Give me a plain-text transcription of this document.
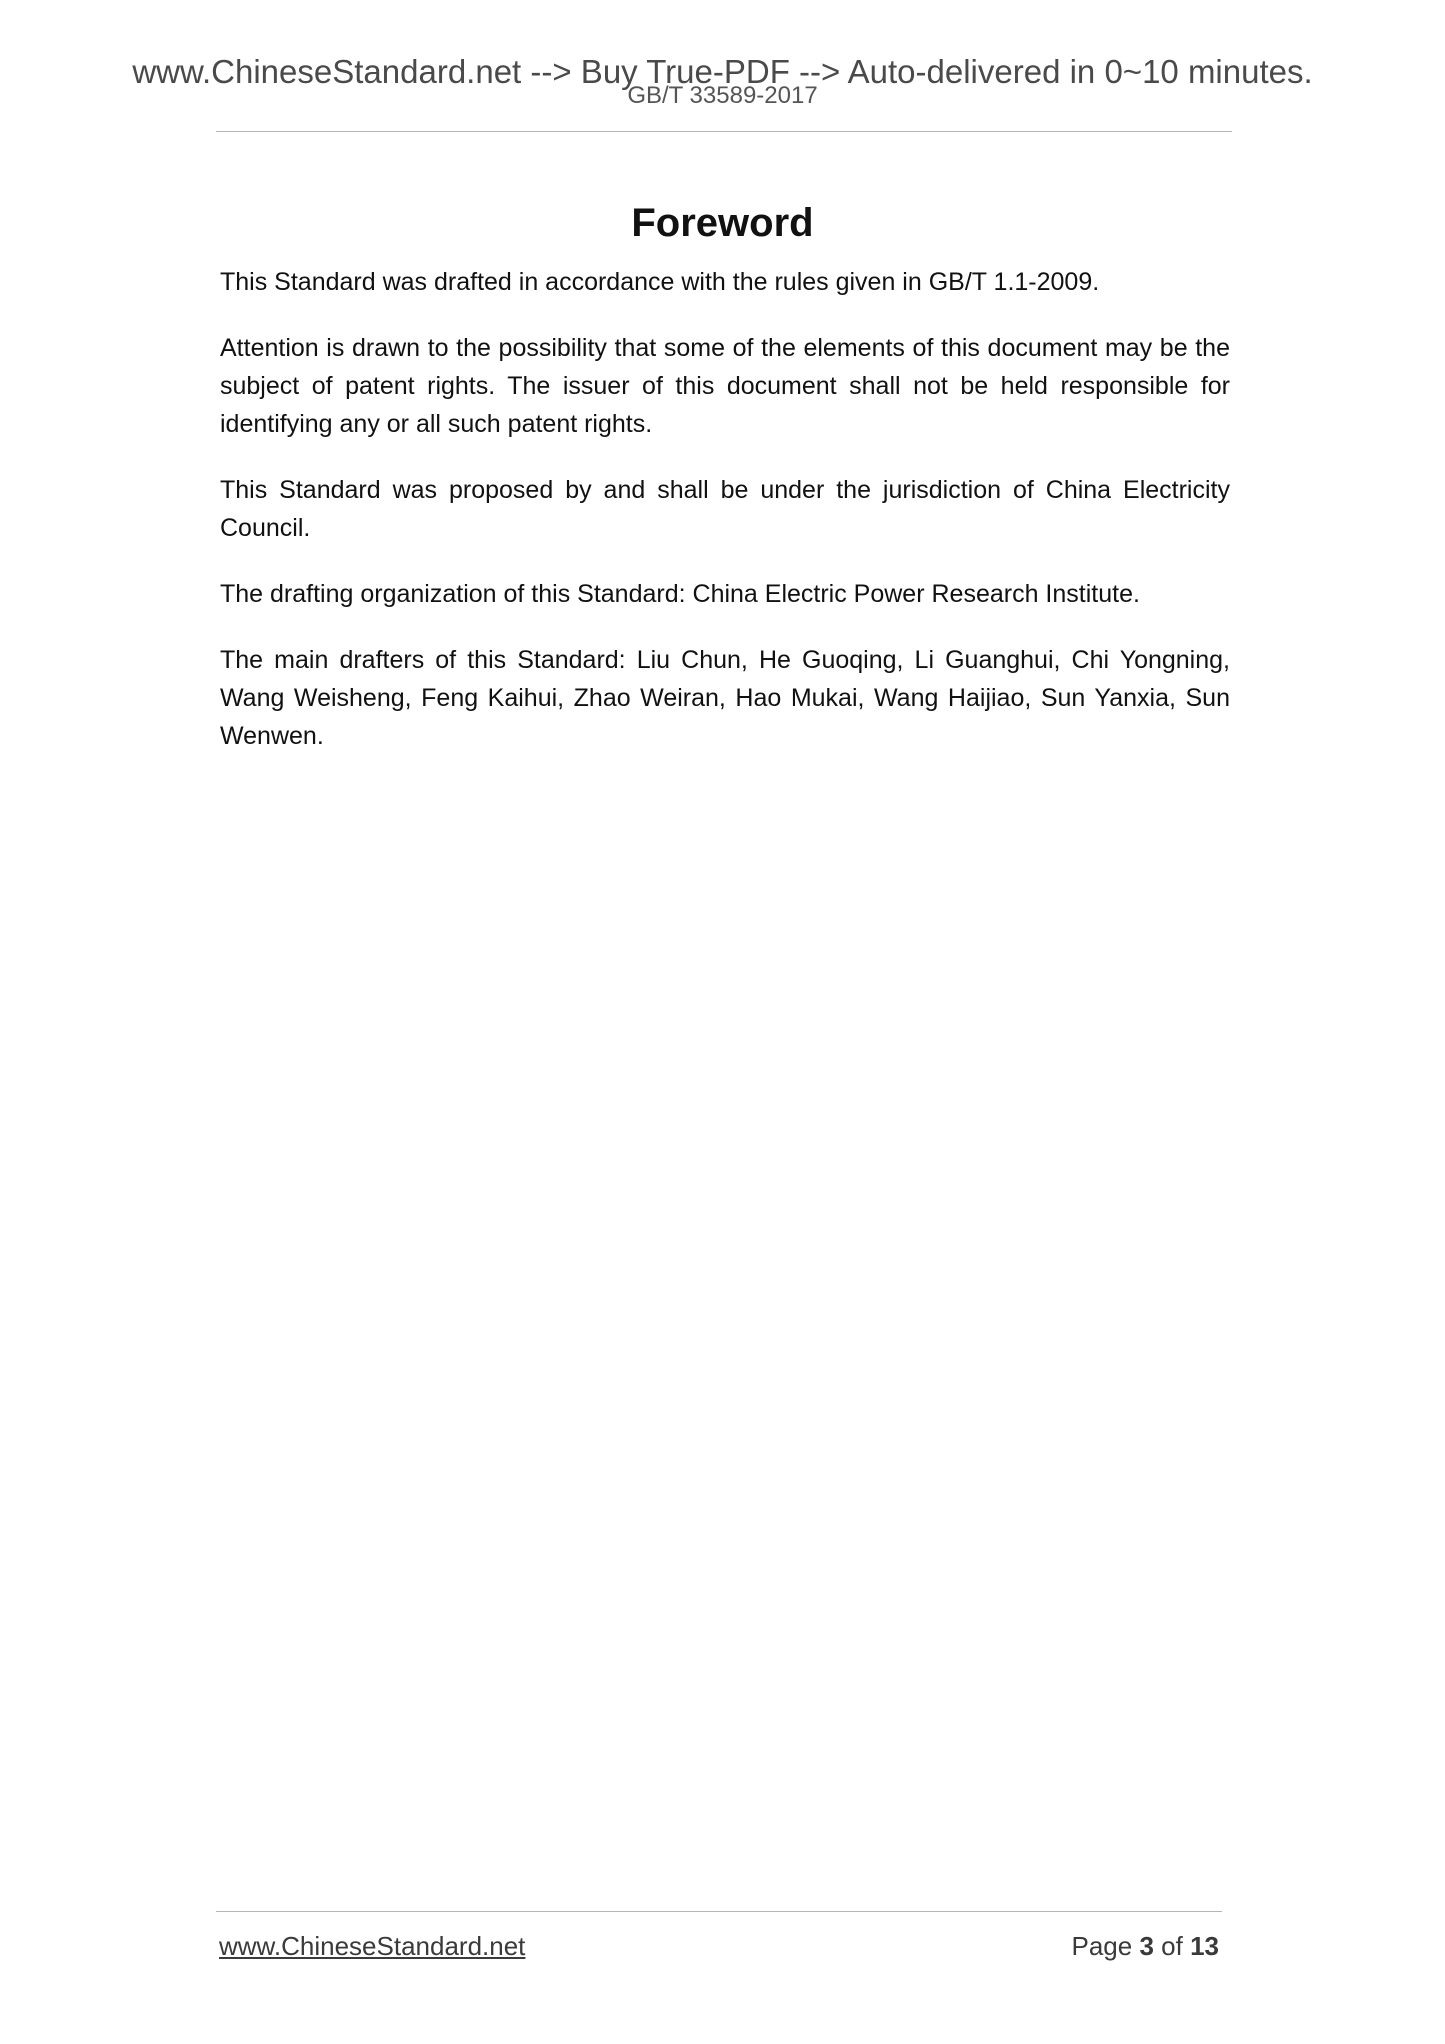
www.ChineseStandard.net --> Buy True-PDF --> Auto-delivered in 0~10 minutes.
GB/T 33589-2017
Foreword

This Standard was drafted in accordance with the rules given in GB/T 1.1-2009.

Attention is drawn to the possibility that some of the elements of this document may be the subject of patent rights. The issuer of this document shall not be held responsible for identifying any or all such patent rights.

This Standard was proposed by and shall be under the jurisdiction of China Electricity Council.

The drafting organization of this Standard: China Electric Power Research Institute.

The main drafters of this Standard: Liu Chun, He Guoqing, Li Guanghui, Chi Yongning, Wang Weisheng, Feng Kaihui, Zhao Weiran, Hao Mukai, Wang Haijiao, Sun Yanxia, Sun Wenwen.

www.ChineseStandard.net	Page 3 of 13
